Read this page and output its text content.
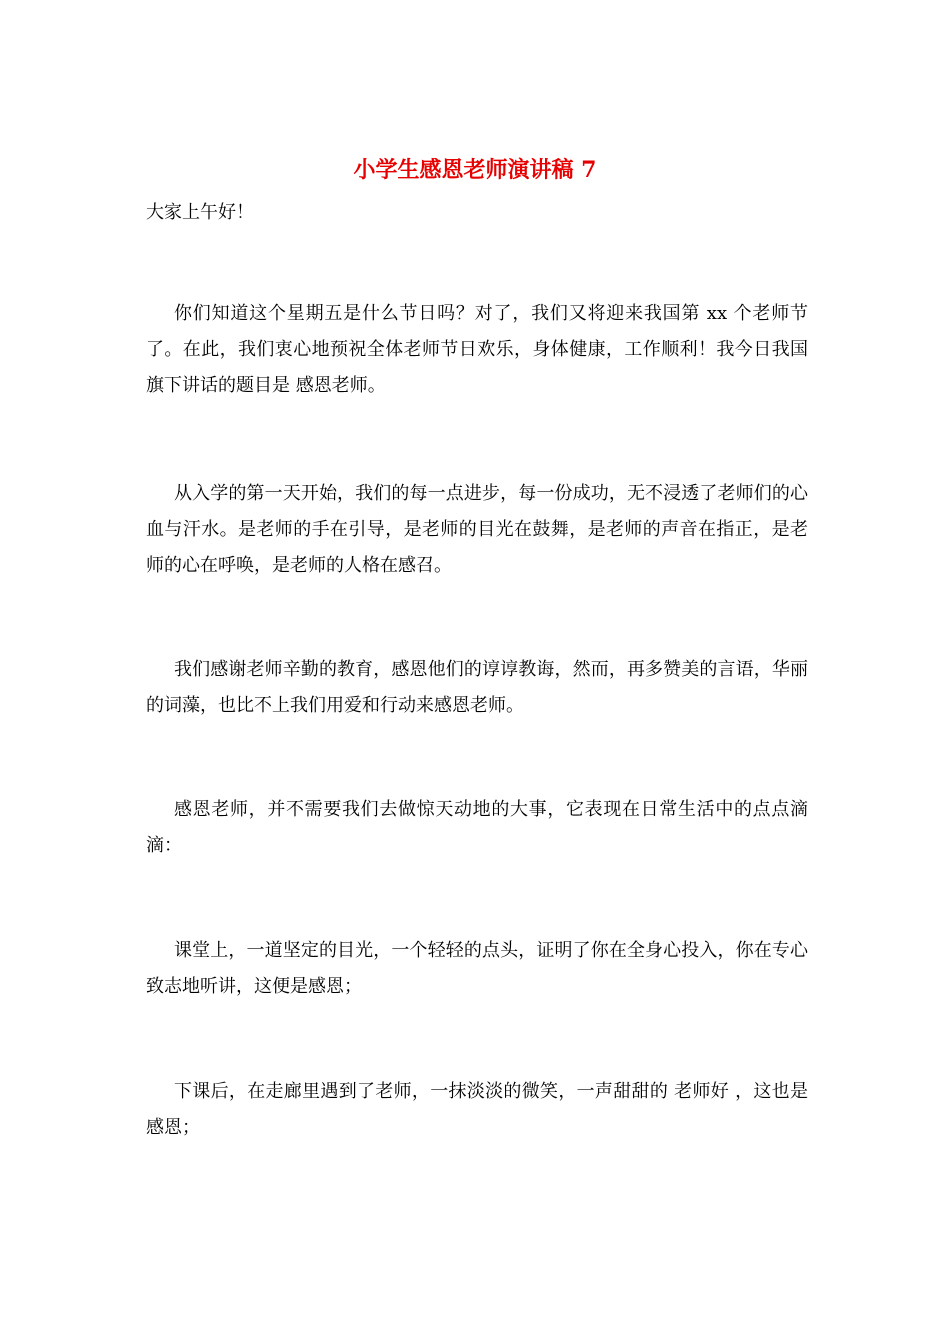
小学生感恩老师演讲稿 7
大家上午好！
你们知道这个星期五是什么节日吗？对了，我们又将迎来我国第 xx 个老师节了。在此，我们衷心地预祝全体老师节日欢乐，身体健康，工作顺利！我今日我国旗下讲话的题目是 感恩老师。
从入学的第一天开始，我们的每一点进步，每一份成功，无不浸透了老师们的心血与汗水。是老师的手在引导，是老师的目光在鼓舞，是老师的声音在指正，是老师的心在呼唤，是老师的人格在感召。
我们感谢老师辛勤的教育，感恩他们的谆谆教诲，然而，再多赞美的言语，华丽的词藻，也比不上我们用爱和行动来感恩老师。
感恩老师，并不需要我们去做惊天动地的大事，它表现在日常生活中的点点滴滴：
课堂上，一道坚定的目光，一个轻轻的点头，证明了你在全身心投入，你在专心致志地听讲，这便是感恩；
下课后，在走廊里遇到了老师，一抹淡淡的微笑，一声甜甜的 老师好 ，这也是感恩；
